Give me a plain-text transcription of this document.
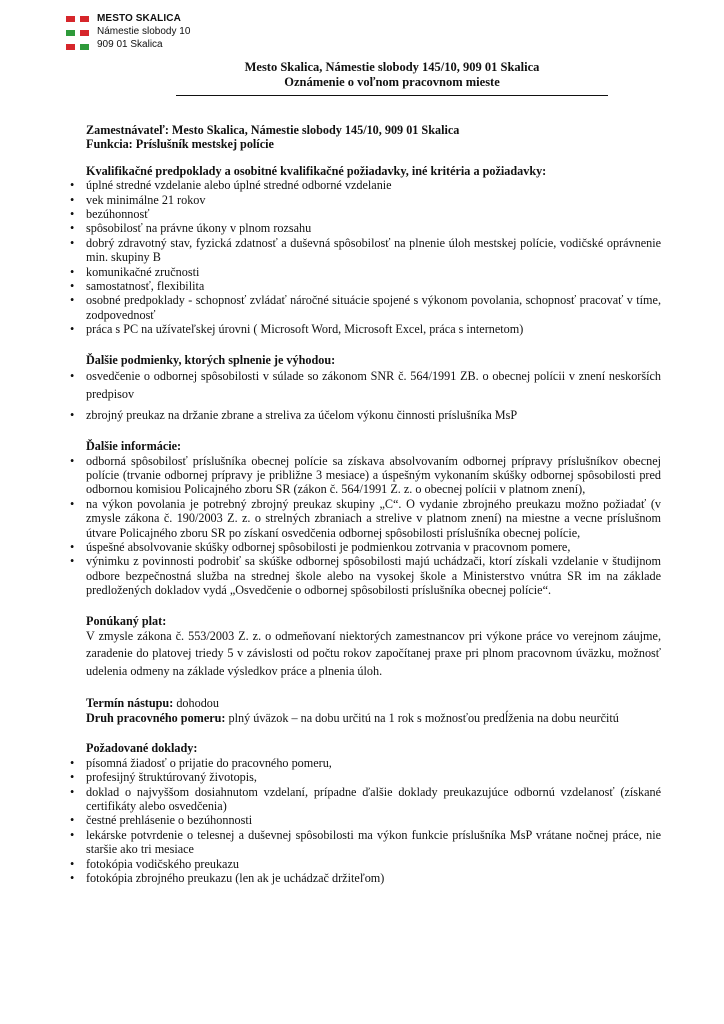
MESTO SKALICA
Námestie slobody 10
909 01 Skalica
Mesto Skalica, Námestie slobody 145/10, 909 01 Skalica
Oznámenie o voľnom pracovnom mieste

Zamestnávateľ: Mesto Skalica, Námestie slobody 145/10, 909 01 Skalica

Funkcia: Príslušník mestskej polície

Kvalifikačné predpoklady a osobitné kvalifikačné požiadavky, iné kritéria a požiadavky:

• úplné stredné vzdelanie alebo úplné stredné odborné vzdelanie
• vek minimálne 21 rokov
• bezúhonnosť
• spôsobilosť na právne úkony v plnom rozsahu
• dobrý zdravotný stav, fyzická zdatnosť a duševná spôsobilosť na plnenie úloh mestskej polície, vodičské oprávnenie min. skupiny B
• komunikačné zručnosti
• samostatnosť, flexibilita
• osobné predpoklady - schopnosť zvládať náročné situácie spojené s výkonom povolania, schopnosť pracovať v tíme, zodpovednosť
• práca s PC na užívateľskej úrovni ( Microsoft Word, Microsoft Excel, práca s internetom)

Ďalšie podmienky, ktorých splnenie je výhodou:

• osvedčenie o odbornej spôsobilosti v súlade so zákonom SNR č. 564/1991 ZB. o obecnej polícii v znení neskorších predpisov
• zbrojný preukaz na držanie zbrane a streliva za účelom výkonu činnosti príslušníka MsP

Ďalšie informácie:

• odborná spôsobilosť príslušníka obecnej polície sa získava absolvovaním odbornej prípravy príslušníkov obecnej polície (trvanie odbornej prípravy je približne 3 mesiace) a úspešným vykonaním skúšky odbornej spôsobilosti pred odbornou komisiou Policajného zboru SR (zákon č. 564/1991 Z. z. o obecnej polícii v platnom znení),
• na výkon povolania je potrebný zbrojný preukaz skupiny „C“. O vydanie zbrojného preukazu možno požiadať (v zmysle zákona č. 190/2003 Z. z. o strelných zbraniach a strelive v platnom znení) na miestne a vecne príslušnom útvare Policajného zboru SR po získaní osvedčenia odbornej spôsobilosti príslušníka obecnej polície,
• úspešné absolvovanie skúšky odbornej spôsobilosti je podmienkou zotrvania v pracovnom pomere,
• výnimku z povinnosti podrobiť sa skúške odbornej spôsobilosti majú uchádzači, ktorí získali vzdelanie v študijnom odbore bezpečnostná služba na strednej škole alebo na vysokej škole a Ministerstvo vnútra SR im na základe predložených dokladov vydá „Osvedčenie o odbornej spôsobilosti príslušníka obecnej polície“.

Ponúkaný plat:

V zmysle zákona č. 553/2003 Z. z. o odmeňovaní niektorých zamestnancov pri výkone práce vo verejnom záujme, zaradenie do platovej triedy 5 v závislosti od počtu rokov započítanej praxe pri plnom pracovnom úväzku, možnosť udelenia odmeny na základe výsledkov práce a plnenia úloh.

Termín nástupu: dohodou

Druh pracovného pomeru: plný úväzok – na dobu určitú na 1 rok s možnosťou predĺženia na dobu neurčitú

Požadované doklady:

• písomná žiadosť o prijatie do pracovného pomeru,
• profesijný štruktúrovaný životopis,
• doklad o najvyššom dosiahnutom vzdelaní, prípadne ďalšie doklady preukazujúce odbornú vzdelanosť (získané certifikáty alebo osvedčenia)
• čestné prehlásenie o bezúhonnosti
• lekárske potvrdenie o telesnej a duševnej spôsobilosti ma výkon funkcie príslušníka MsP vrátane nočnej práce, nie staršie ako tri mesiace
• fotokópia vodičského preukazu
• fotokópia zbrojného preukazu (len ak je uchádzač držiteľom)
